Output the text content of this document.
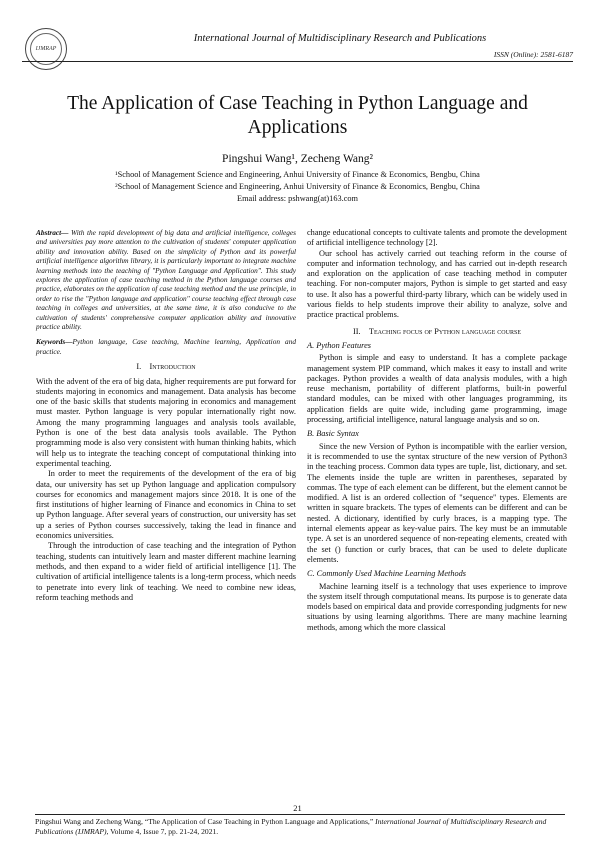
IJMRAP
International Journal of Multidisciplinary Research and Publications
ISSN (Online): 2581-6187
The Application of Case Teaching in Python Language and Applications
Pingshui Wang¹, Zecheng Wang²
¹School of Management Science and Engineering, Anhui University of Finance & Economics, Bengbu, China
²School of Management Science and Engineering, Anhui University of Finance & Economics, Bengbu, China
Email address: pshwang(at)163.com
Abstract— With the rapid development of big data and artificial intelligence, colleges and universities pay more attention to the cultivation of students' computer application ability and innovation ability. Based on the simplicity of Python and its powerful artificial intelligence algorithm library, it is particularly important to integrate machine learning methods into the teaching of "Python Language and Application". This study explores the application of case teaching method in the Python language courses and practice, elaborates on the application of case teaching method and the use principle, in order to rise the "Python language and application" course teaching effect through case teaching in colleges and universities, at the same time, it is also conducive to the cultivation of students' comprehensive computer application ability and innovative practice ability.
Keywords—Python language, Case teaching, Machine learning, Application and practice.
I. Introduction

With the advent of the era of big data, higher requirements are put forward for students majoring in economics and management. Data analysis has become one of the basic skills that students majoring in economics and management must master. Python language is very popular internationally right now. Among the many programming languages and analysis tools available, Python is one of the best data analysis tools available. The Python programming mode is also very consistent with human thinking habits, which will help us to integrate the teaching concept of computational thinking into experimental teaching.

In order to meet the requirements of the development of the era of big data, our university has set up Python language and application compulsory courses for economics and management majors since 2018. It is one of the first institutions of higher learning of Finance and economics in China to set up Python language. After several years of construction, our university has set up a series of Python courses successively, taking the lead in finance and economics universities.

Through the introduction of case teaching and the integration of Python teaching, students can intuitively learn and master different machine learning methods, and then expand to a wider field of artificial intelligence [1]. The cultivation of artificial intelligence talents is a long-term process, which needs to penetrate into every link of teaching. We need to combine new ideas, reform teaching methods and

change educational concepts to cultivate talents and promote the development of artificial intelligence technology [2].

Our school has actively carried out teaching reform in the course of computer and information technology, and has carried out in-depth research and exploration on the application of case teaching method in computer teaching. For non-computer majors, Python is simple to get started and easy to use. It also has a powerful third-party library, which can be widely used in various fields to help students improve their ability to analyze, solve and practice practical problems.

II. Teaching focus of Python language course
A. Python Features

Python is simple and easy to understand. It has a complete package management system PIP command, which makes it easy to install and write packages. Python provides a wealth of data analysis modules, with a high reuse mechanism, portability of different platforms, built-in powerful standard modules, can be mixed with other languages programming, its application fields are quite wide, including game programming, image processing, artificial intelligence, natural language analysis and so on.

B. Basic Syntax

Since the new Version of Python is incompatible with the earlier version, it is recommended to use the syntax structure of the new version of Python3 in the teaching process. Common data types are tuple, list, dictionary, and set. The elements inside the tuple are written in parentheses, separated by commas. The type of each element can be different, but the element cannot be modified. A list is an ordered collection of "sequence" types. Elements are written in square brackets. The types of elements can be different and can be nested. A dictionary, identified by curly braces, is a mapping type. The internal elements appear as key-value pairs. The key must be an immutable type. A set is an unordered sequence of non-repeating elements, created with the set () function or curly braces, that can be used to delete duplicate elements.

C. Commonly Used Machine Learning Methods

Machine learning itself is a technology that uses experience to improve the system itself through computational means. Its purpose is to generate data models based on empirical data and provide corresponding judgments for new situations by using learning algorithms. There are many machine learning methods, among which the more classical

21
Pingshui Wang and Zecheng Wang, “The Application of Case Teaching in Python Language and Applications,” International Journal of Multidisciplinary Research and Publications (IJMRAP), Volume 4, Issue 7, pp. 21-24, 2021.
